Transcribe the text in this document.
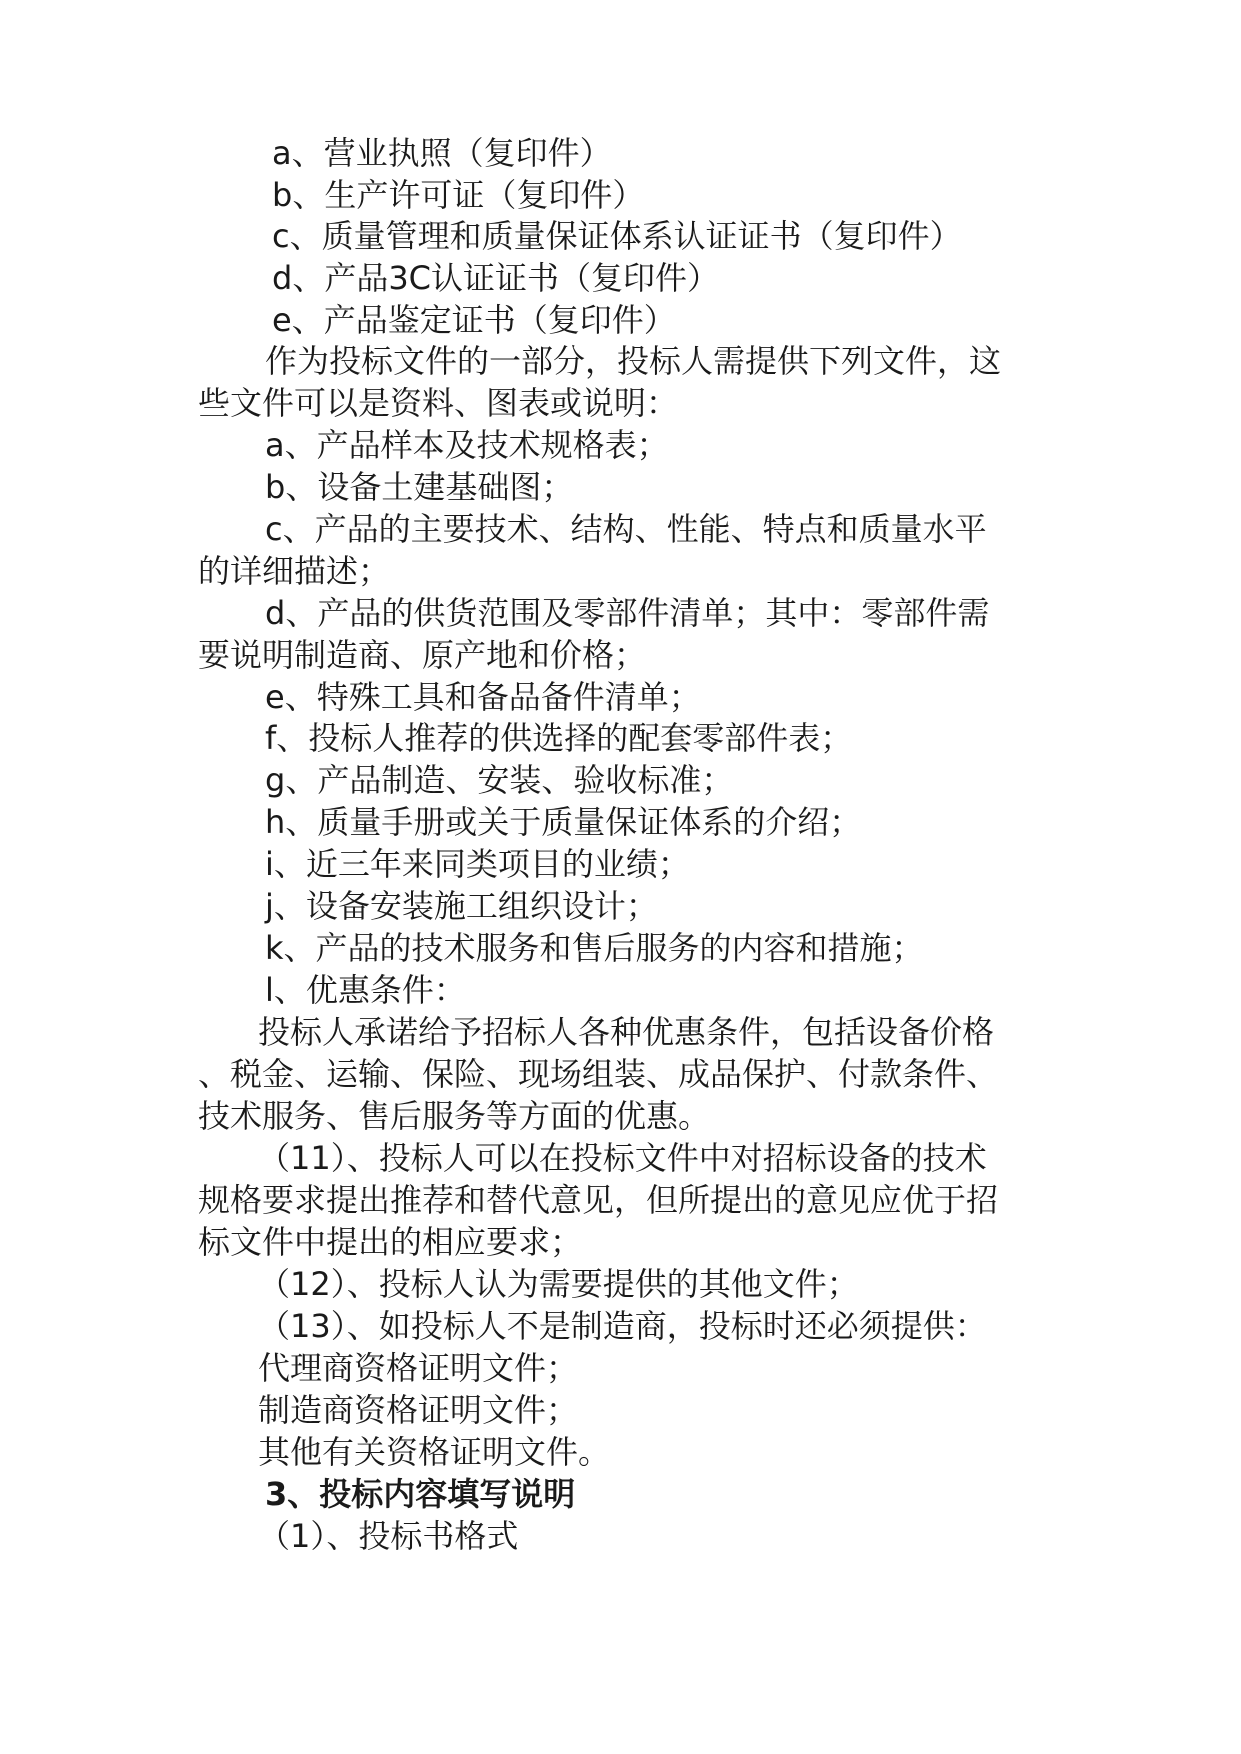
a、营业执照（复印件）
b、生产许可证（复印件）
c、质量管理和质量保证体系认证证书（复印件）
d、产品3C认证证书（复印件）
e、产品鉴定证书（复印件）
作为投标文件的一部分，投标人需提供下列文件，这
些文件可以是资料、图表或说明：
a、产品样本及技术规格表；
b、设备土建基础图；
c、产品的主要技术、结构、性能、特点和质量水平
的详细描述；
d、产品的供货范围及零部件清单；其中：零部件需
要说明制造商、原产地和价格；
e、特殊工具和备品备件清单；
f、投标人推荐的供选择的配套零部件表；
g、产品制造、安装、验收标准；
h、质量手册或关于质量保证体系的介绍；
i、近三年来同类项目的业绩；
j、设备安装施工组织设计；
k、产品的技术服务和售后服务的内容和措施；
l、优惠条件：
投标人承诺给予招标人各种优惠条件，包括设备价格
、税金、运输、保险、现场组装、成品保护、付款条件、
技术服务、售后服务等方面的优惠。
（11）、投标人可以在投标文件中对招标设备的技术
规格要求提出推荐和替代意见，但所提出的意见应优于招
标文件中提出的相应要求；
（12）、投标人认为需要提供的其他文件；
（13）、如投标人不是制造商，投标时还必须提供：
代理商资格证明文件；
制造商资格证明文件；
其他有关资格证明文件。
3、投标内容填写说明
（1）、投标书格式
